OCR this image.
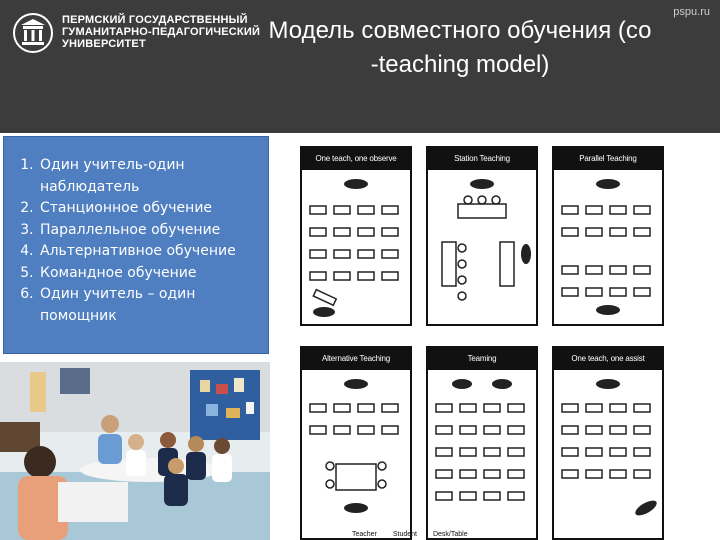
ПЕРМСКИЙ ГОСУДАРСТВЕННЫЙ
ГУМАНИТАРНО-ПЕДАГОГИЧЕСКИЙ
УНИВЕРСИТЕТ
pspu.ru
Модель совместного обучения (со
-teaching model)
1. Один учитель-один наблюдатель
2. Станционное обучение
3. Параллельное обучение
4. Альтернативное обучение
5. Командное обучение
6. Один учитель – один помощник
One teach, one observe	Station Teaching	Parallel Teaching
Alternative Teaching	Teaming	One teach, one assist
Teacher Student Desk/Table
